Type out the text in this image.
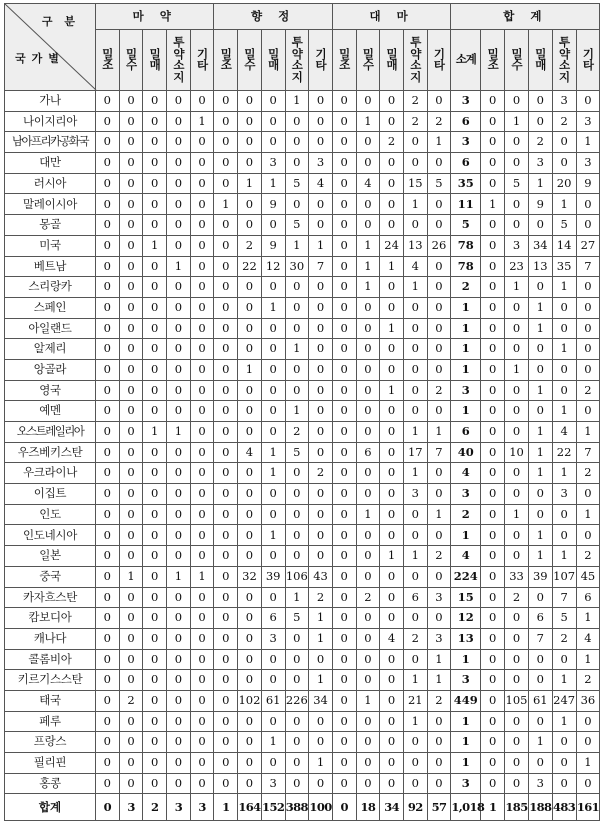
구 분
국가별	마 약					향 정					대 마					합 계					
	밀조	밀수	밀매	투약소지	기타	밀조	밀수	밀매	투약소지	기타	밀조	밀수	밀매	투약소지	기타	소계	밀조	밀수	밀매	투약소지	기타
가나	0	0	0	0	0	0	0	0	1	0	0	0	0	2	0	3	0	0	0	3	0
나이지리아	0	0	0	0	1	0	0	0	0	0	0	1	0	2	2	6	0	1	0	2	3
남아프리카공화국	0	0	0	0	0	0	0	0	0	0	0	0	2	0	1	3	0	0	2	0	1
대만	0	0	0	0	0	0	0	3	0	3	0	0	0	0	0	6	0	0	3	0	3
러시아	0	0	0	0	0	0	1	1	5	4	0	4	0	15	5	35	0	5	1	20	9
말레이시아	0	0	0	0	0	1	0	9	0	0	0	0	0	1	0	11	1	0	9	1	0
몽골	0	0	0	0	0	0	0	0	5	0	0	0	0	0	0	5	0	0	0	5	0
미국	0	0	1	0	0	0	2	9	1	1	0	1	24	13	26	78	0	3	34	14	27
베트남	0	0	0	1	0	0	22	12	30	7	0	1	1	4	0	78	0	23	13	35	7
스리랑카	0	0	0	0	0	0	0	0	0	0	0	1	0	1	0	2	0	1	0	1	0
스페인	0	0	0	0	0	0	0	1	0	0	0	0	0	0	0	1	0	0	1	0	0
아일랜드	0	0	0	0	0	0	0	0	0	0	0	0	1	0	0	1	0	0	1	0	0
알제리	0	0	0	0	0	0	0	0	1	0	0	0	0	0	0	1	0	0	0	1	0
앙골라	0	0	0	0	0	0	1	0	0	0	0	0	0	0	0	1	0	1	0	0	0
영국	0	0	0	0	0	0	0	0	0	0	0	0	1	0	2	3	0	0	1	0	2
예멘	0	0	0	0	0	0	0	0	1	0	0	0	0	0	0	1	0	0	0	1	0
오스트레일리아	0	0	1	1	0	0	0	0	2	0	0	0	0	1	1	6	0	0	1	4	1
우즈베키스탄	0	0	0	0	0	0	4	1	5	0	0	6	0	17	7	40	0	10	1	22	7
우크라이나	0	0	0	0	0	0	0	1	0	2	0	0	0	1	0	4	0	0	1	1	2
이집트	0	0	0	0	0	0	0	0	0	0	0	0	0	3	0	3	0	0	0	3	0
인도	0	0	0	0	0	0	0	0	0	0	0	1	0	0	1	2	0	1	0	0	1
인도네시아	0	0	0	0	0	0	0	1	0	0	0	0	0	0	0	1	0	0	1	0	0
일본	0	0	0	0	0	0	0	0	0	0	0	0	1	1	2	4	0	0	1	1	2
중국	0	1	0	1	1	0	32	39	106	43	0	0	0	0	0	224	0	33	39	107	45
카자흐스탄	0	0	0	0	0	0	0	0	1	2	0	2	0	6	3	15	0	2	0	7	6
캄보디아	0	0	0	0	0	0	0	6	5	1	0	0	0	0	0	12	0	0	6	5	1
캐나다	0	0	0	0	0	0	0	3	0	1	0	0	4	2	3	13	0	0	7	2	4
콜롬비아	0	0	0	0	0	0	0	0	0	0	0	0	0	0	1	1	0	0	0	0	1
키르기스스탄	0	0	0	0	0	0	0	0	0	1	0	0	0	1	1	3	0	0	0	1	2
태국	0	2	0	0	0	0	102	61	226	34	0	1	0	21	2	449	0	105	61	247	36
페루	0	0	0	0	0	0	0	0	0	0	0	0	0	1	0	1	0	0	0	1	0
프랑스	0	0	0	0	0	0	0	1	0	0	0	0	0	0	0	1	0	0	1	0	0
필리핀	0	0	0	0	0	0	0	0	0	1	0	0	0	0	0	1	0	0	0	0	1
홍콩	0	0	0	0	0	0	0	3	0	0	0	0	0	0	0	3	0	0	3	0	0
합계	0	3	2	3	3	1	164	152	388	100	0	18	34	92	57	1,018	1	185	188	483	161
